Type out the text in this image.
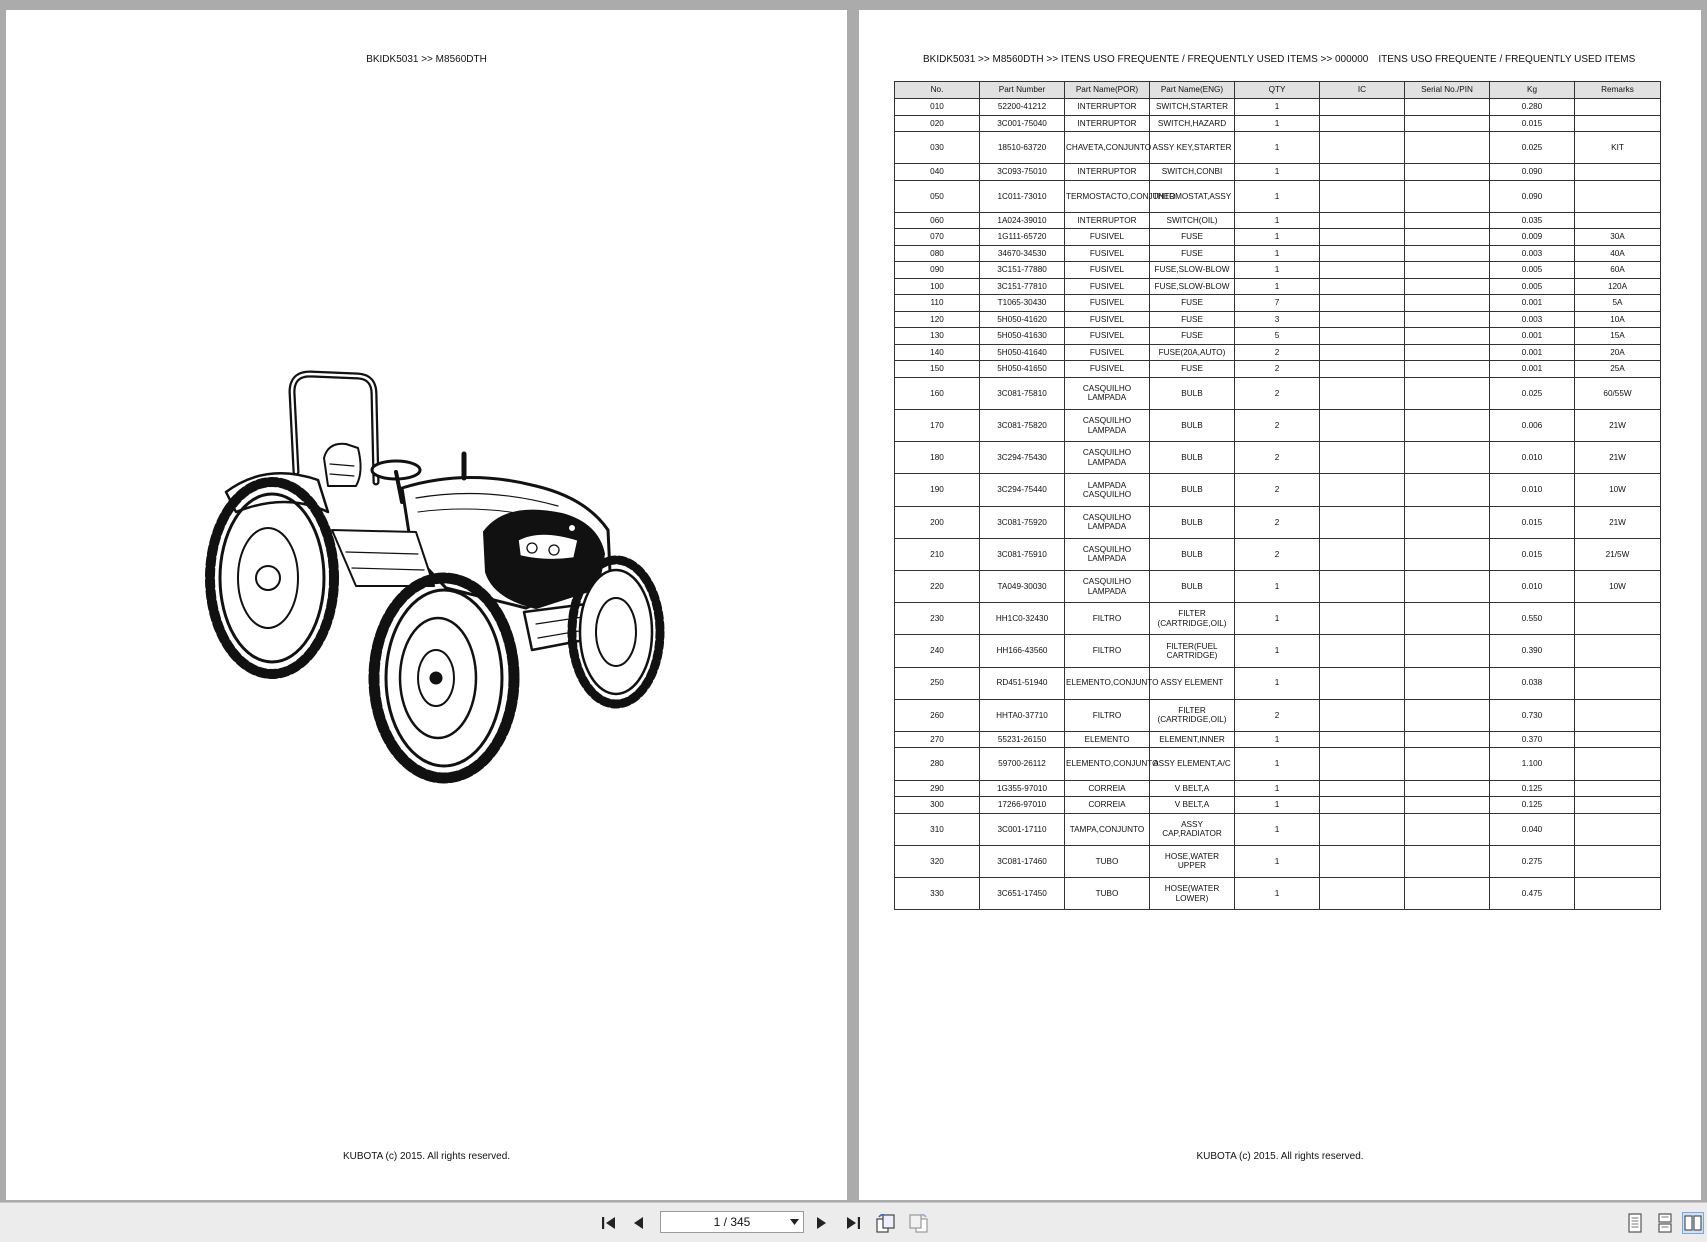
BKIDK5031 >> M8560DTH
KUBOTA (c) 2015. All rights reserved.
BKIDK5031 >> M8560DTH >> ITENS USO FREQUENTE / FREQUENTLY USED ITEMS >> 000000 ITENS USO FREQUENTE / FREQUENTLY USED ITEMS
No.	Part Number	Part Name(POR)	Part Name(ENG)	QTY	IC	Serial No./PIN	Kg	Remarks
010	52200-41212	INTERRUPTOR	SWITCH,STARTER	1			0.280	
020	3C001-75040	INTERRUPTOR	SWITCH,HAZARD	1			0.015	
030	18510-63720	CHAVETA,CONJUNTO	ASSY KEY,STARTER	1			0.025	KIT
040	3C093-75010	INTERRUPTOR	SWITCH,CONBI	1			0.090	
050	1C011-73010	TERMOSTACTO,CONJUNTO	THERMOSTAT,ASSY	1			0.090	
060	1A024-39010	INTERRUPTOR	SWITCH(OIL)	1			0.035	
070	1G111-65720	FUSIVEL	FUSE	1			0.009	30A
080	34670-34530	FUSIVEL	FUSE	1			0.003	40A
090	3C151-77880	FUSIVEL	FUSE,SLOW-BLOW	1			0.005	60A
100	3C151-77810	FUSIVEL	FUSE,SLOW-BLOW	1			0.005	120A
110	T1065-30430	FUSIVEL	FUSE	7			0.001	5A
120	5H050-41620	FUSIVEL	FUSE	3			0.003	10A
130	5H050-41630	FUSIVEL	FUSE	5			0.001	15A
140	5H050-41640	FUSIVEL	FUSE(20A,AUTO)	2			0.001	20A
150	5H050-41650	FUSIVEL	FUSE	2			0.001	25A
160	3C081-75810	CASQUILHO LAMPADA	BULB	2			0.025	60/55W
170	3C081-75820	CASQUILHO LAMPADA	BULB	2			0.006	21W
180	3C294-75430	CASQUILHO LAMPADA	BULB	2			0.010	21W
190	3C294-75440	LAMPADA CASQUILHO	BULB	2			0.010	10W
200	3C081-75920	CASQUILHO LAMPADA	BULB	2			0.015	21W
210	3C081-75910	CASQUILHO LAMPADA	BULB	2			0.015	21/5W
220	TA049-30030	CASQUILHO LAMPADA	BULB	1			0.010	10W
230	HH1C0-32430	FILTRO	FILTER (CARTRIDGE,OIL)	1			0.550	
240	HH166-43560	FILTRO	FILTER(FUEL CARTRIDGE)	1			0.390	
250	RD451-51940	ELEMENTO,CONJUNTO	ASSY ELEMENT	1			0.038	
260	HHTA0-37710	FILTRO	FILTER (CARTRIDGE,OIL)	2			0.730	
270	55231-26150	ELEMENTO	ELEMENT,INNER	1			0.370	
280	59700-26112	ELEMENTO,CONJUNTO	ASSY ELEMENT,A/C	1			1.100	
290	1G355-97010	CORREIA	V BELT,A	1			0.125	
300	17266-97010	CORREIA	V BELT,A	1			0.125	
310	3C001-17110	TAMPA,CONJUNTO	ASSY CAP,RADIATOR	1			0.040	
320	3C081-17460	TUBO	HOSE,WATER UPPER	1			0.275	
330	3C651-17450	TUBO	HOSE(WATER LOWER)	1			0.475	
KUBOTA (c) 2015. All rights reserved.
1 / 345
